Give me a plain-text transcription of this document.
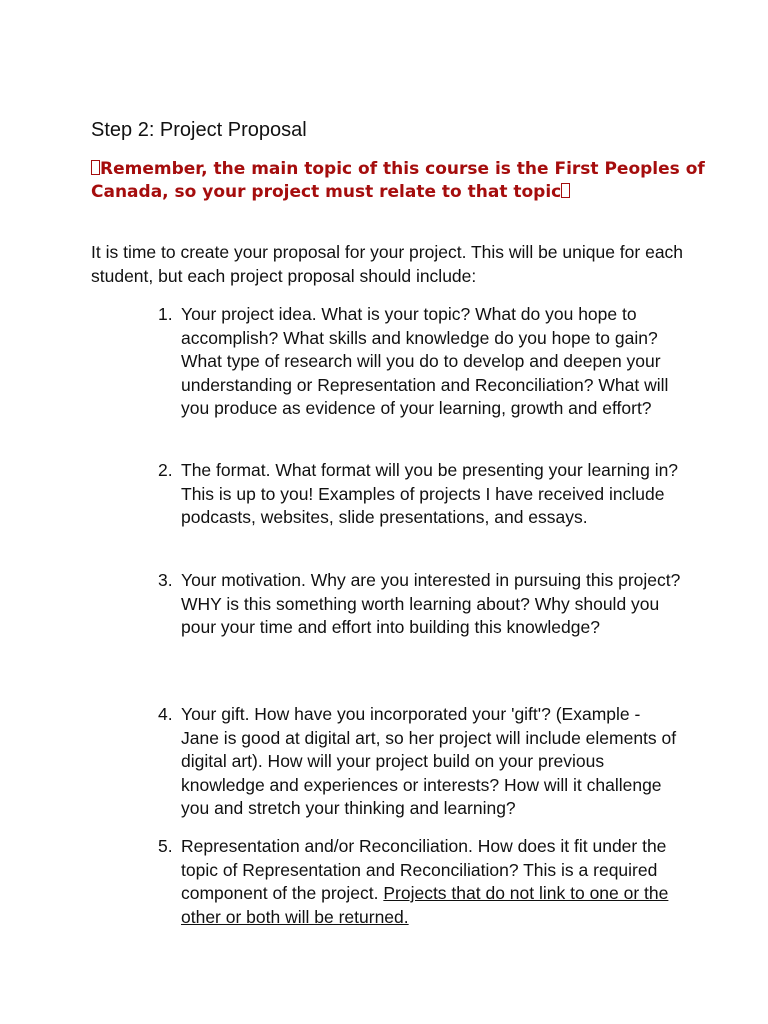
Step 2: Project Proposal

Remember, the main topic of this course is the First Peoples of Canada, so your project must relate to that topic

It is time to create your proposal for your project. This will be unique for each student, but each project proposal should include:

1. Your project idea. What is your topic? What do you hope to accomplish? What skills and knowledge do you hope to gain? What type of research will you do to develop and deepen your understanding or Representation and Reconciliation? What will you produce as evidence of your learning, growth and effort?
2. The format. What format will you be presenting your learning in? This is up to you! Examples of projects I have received include podcasts, websites, slide presentations, and essays.
3. Your motivation. Why are you interested in pursuing this project? WHY is this something worth learning about? Why should you pour your time and effort into building this knowledge?
4. Your gift. How have you incorporated your 'gift'? (Example - Jane is good at digital art, so her project will include elements of digital art). How will your project build on your previous knowledge and experiences or interests? How will it challenge you and stretch your thinking and learning?
5. Representation and/or Reconciliation. How does it fit under the topic of Representation and Reconciliation? This is a required component of the project. Projects that do not link to one or the other or both will be returned.
